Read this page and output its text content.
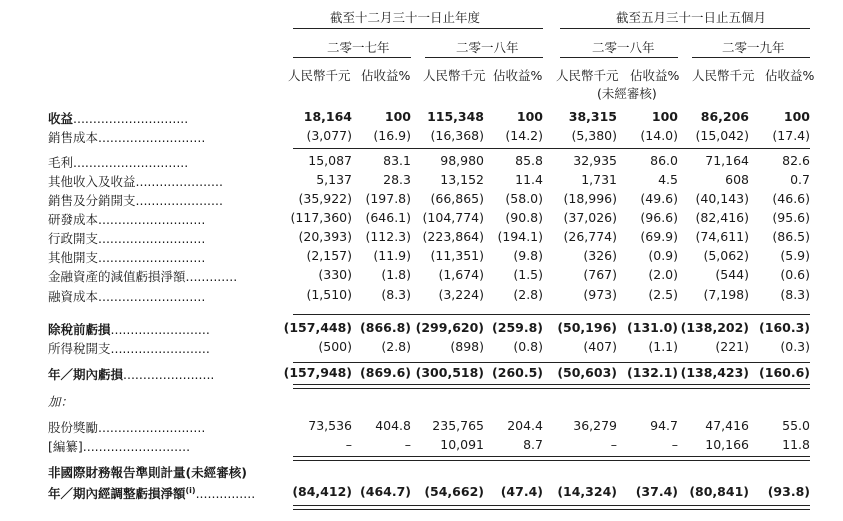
截至十二月三十一日止年度	截至五月三十一日止五個月
二零一七年	二零一八年	二零一八年	二零一九年
人民幣千元 佔收益% 人民幣千元 佔收益% 人民幣千元 佔收益% 人民幣千元 佔收益%
(未經審核)
加：
非國際財務報告準則計量(未經審核)
收益.............................	18,164	100	115,348	100	38,315	100	86,206	100
銷售成本...........................	(3,077)	(16.9)	(16,368)	(14.2)	(5,380)	(14.0)	(15,042)	(17.4)
毛利.............................	15,087	83.1	98,980	85.8	32,935	86.0	71,164	82.6
其他收入及收益......................	5,137	28.3	13,152	11.4	1,731	4.5	608	0.7
銷售及分銷開支......................	(35,922)	(197.8)	(66,865)	(58.0)	(18,996)	(49.6)	(40,143)	(46.6)
研發成本...........................	(117,360)	(646.1) (104,774)	(90.8)	(37,026)	(96.6)	(82,416)	(95.6)
行政開支...........................	(20,393)	(112.3) (223,864)	(194.1)	(26,774)	(69.9)	(74,611)	(86.5)
其他開支...........................	(2,157)	(11.9)	(11,351)	(9.8)	(326)	(0.9)	(5,062)	(5.9)
金融資產的減值虧損淨額.............	(330)	(1.8)	(1,674)	(1.5)	(767)	(2.0)	(544)	(0.6)
融資成本...........................	(1,510)	(8.3)	(3,224)	(2.8)	(973)	(2.5)	(7,198)	(8.3)
除稅前虧損.........................	(157,448) (866.8) (299,620) (259.8)	(50,196) (131.0) (138,202) (160.3)
所得稅開支.........................	(500)	(2.8)	(898)	(0.8)	(407)	(1.1)	(221)	(0.3)
年／期內虧損.......................	(157,948) (869.6) (300,518) (260.5)	(50,603) (132.1) (138,423) (160.6)
股份獎勵...........................	73,536	404.8	235,765	204.4	36,279	94.7	47,416	55.0
[編纂]...........................	–	–	10,091	8.7	–	–	10,166	11.8
年／期內經調整虧損淨額$^{(i)}$...............	(84,412) (464.7)	(54,662)	(47.4)	(14,324)	(37.4) (80,841)	(93.8)
